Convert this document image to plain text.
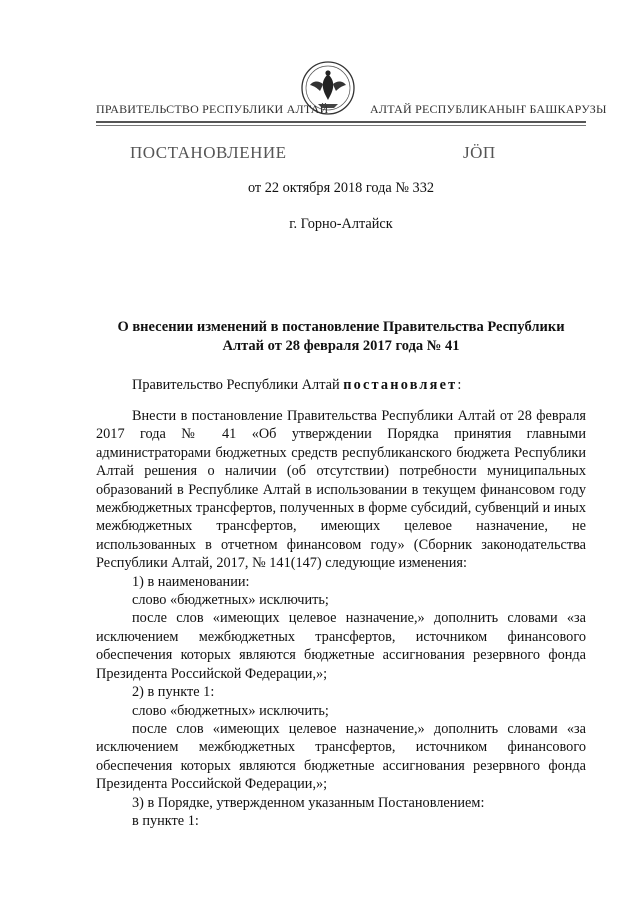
ПРАВИТЕЛЬСТВО РЕСПУБЛИКИ АЛТАЙ	АЛТАЙ РЕСПУБЛИКАНЫҤ БАШКАРУЗЫ
ПОСТАНОВЛЕНИЕ	ЈӦП
от 22 октября 2018 года № 332
г. Горно-Алтайск
О внесении изменений в постановление Правительства Республики
Алтай от 28 февраля 2017 года № 41
Правительство Республики Алтай постановляет:

Внести в постановление Правительства Республики Алтай от 28 февраля 2017 года № 41 «Об утверждении Порядка принятия главными администраторами бюджетных средств республиканского бюджета Республики Алтай решения о наличии (об отсутствии) потребности муниципальных образований в Республике Алтай в использовании в текущем финансовом году межбюджетных трансфертов, полученных в форме субсидий, субвенций и иных межбюджетных трансфертов, имеющих целевое назначение, не использованных в отчетном финансовом году» (Сборник законодательства Республики Алтай, 2017, № 141(147) следующие изменения:

1) в наименовании:

слово «бюджетных» исключить;

после слов «имеющих целевое назначение,» дополнить словами «за исключением межбюджетных трансфертов, источником финансового обеспечения которых являются бюджетные ассигнования резервного фонда Президента Российской Федерации,»;

2) в пункте 1:

слово «бюджетных» исключить;

после слов «имеющих целевое назначение,» дополнить словами «за исключением межбюджетных трансфертов, источником финансового обеспечения которых являются бюджетные ассигнования резервного фонда Президента Российской Федерации,»;

3) в Порядке, утвержденном указанным Постановлением:

в пункте 1:
